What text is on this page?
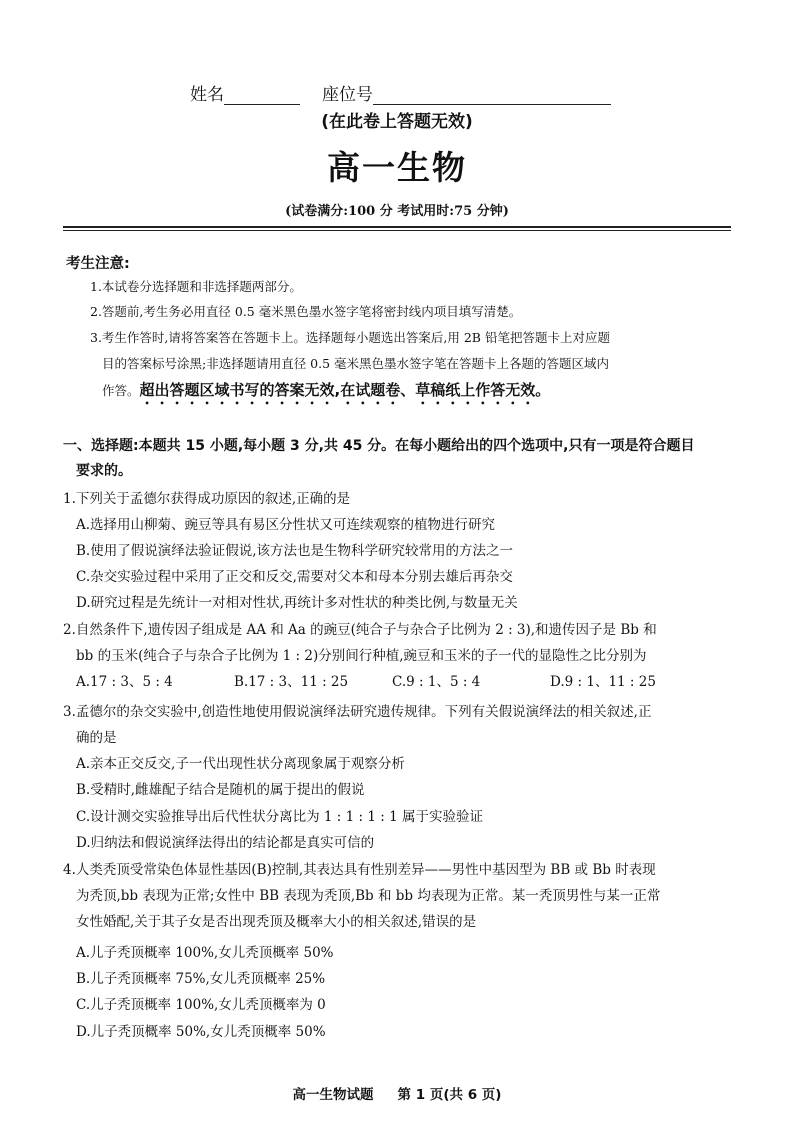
姓名	座位号
(在此卷上答题无效)
高一生物
(试卷满分:100 分 考试用时:75 分钟)
考生注意:
1.本试卷分选择题和非选择题两部分。
2.答题前,考生务必用直径 0.5 毫米黑色墨水签字笔将密封线内项目填写清楚。
3.考生作答时,请将答案答在答题卡上。选择题每小题选出答案后,用 2B 铅笔把答题卡上对应题
目的答案标号涂黑;非选择题请用直径 0.5 毫米黑色墨水签字笔在答题卡上各题的答题区域内
作答。超出答题区域书写的答案无效,在试题卷、草稿纸上作答无效。
一、选择题:本题共 15 小题,每小题 3 分,共 45 分。在每小题给出的四个选项中,只有一项是符合题目
要求的。
1.下列关于孟德尔获得成功原因的叙述,正确的是
A.选择用山柳菊、豌豆等具有易区分性状又可连续观察的植物进行研究
B.使用了假说演绎法验证假说,该方法也是生物科学研究较常用的方法之一
C.杂交实验过程中采用了正交和反交,需要对父本和母本分别去雄后再杂交
D.研究过程是先统计一对相对性状,再统计多对性状的种类比例,与数量无关
2.自然条件下,遗传因子组成是 AA 和 Aa 的豌豆(纯合子与杂合子比例为 2 : 3),和遗传因子是 Bb 和
bb 的玉米(纯合子与杂合子比例为 1 : 2)分别间行种植,豌豆和玉米的子一代的显隐性之比分别为
A.17 : 3、5 : 4	B.17 : 3、11 : 25	C.9 : 1、5 : 4	D.9 : 1、11 : 25
3.孟德尔的杂交实验中,创造性地使用假说演绎法研究遗传规律。下列有关假说演绎法的相关叙述,正
确的是
A.亲本正交反交,子一代出现性状分离现象属于观察分析
B.受精时,雌雄配子结合是随机的属于提出的假说
C.设计测交实验推导出后代性状分离比为 1 : 1 : 1 : 1 属于实验验证
D.归纳法和假说演绎法得出的结论都是真实可信的
4.人类秃顶受常染色体显性基因(B)控制,其表达具有性别差异——男性中基因型为 BB 或 Bb 时表现
为秃顶,bb 表现为正常;女性中 BB 表现为秃顶,Bb 和 bb 均表现为正常。某一秃顶男性与某一正常
女性婚配,关于其子女是否出现秃顶及概率大小的相关叙述,错误的是
A.儿子秃顶概率 100%,女儿秃顶概率 50%
B.儿子秃顶概率 75%,女儿秃顶概率 25%
C.儿子秃顶概率 100%,女儿秃顶概率为 0
D.儿子秃顶概率 50%,女儿秃顶概率 50%
高一生物试题 第 1 页(共 6 页)
